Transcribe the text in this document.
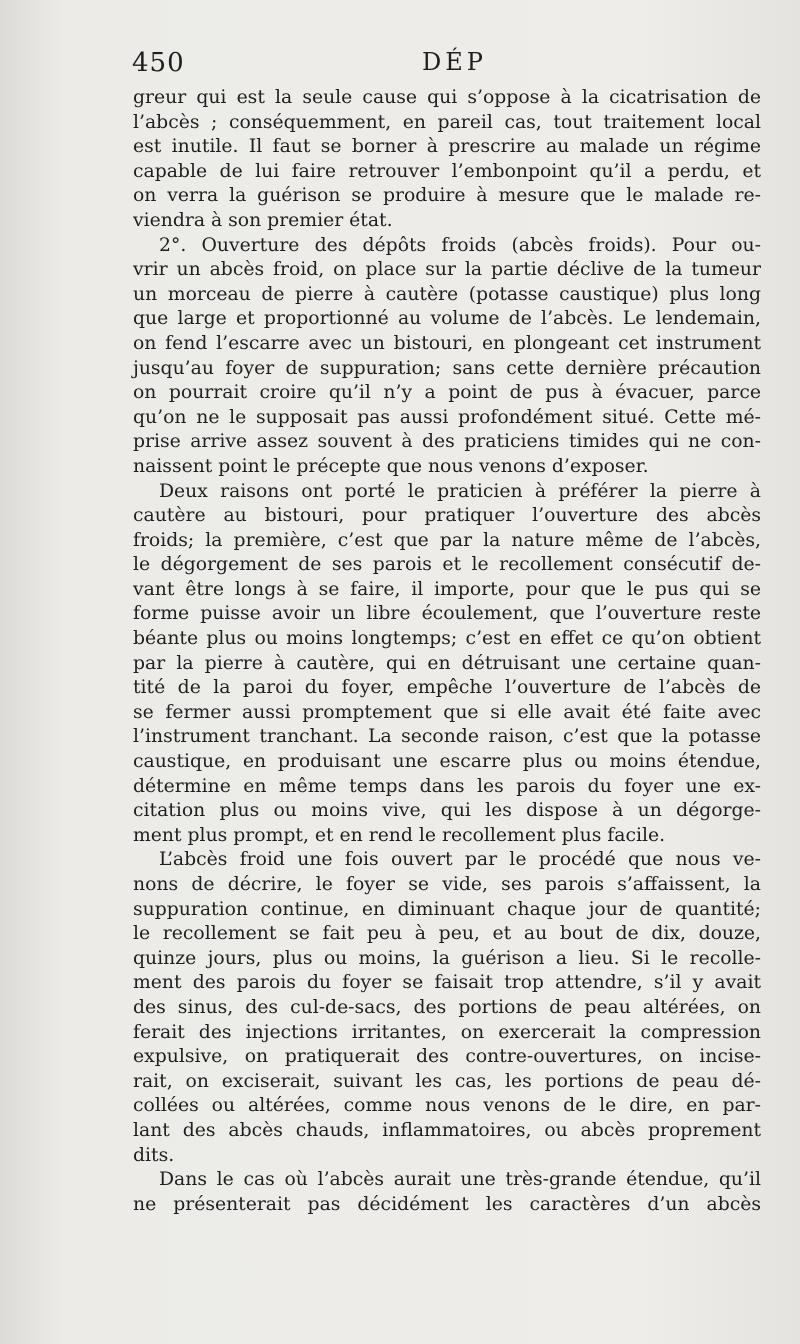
450	DÉP
greur qui est la seule cause qui s’oppose à la cicatrisation de
l’abcès ; conséquemment, en pareil cas, tout traitement local
est inutile. Il faut se borner à prescrire au malade un régime
capable de lui faire retrouver l’embonpoint qu’il a perdu, et
on verra la guérison se produire à mesure que le malade re-
viendra à son premier état.
2°. Ouverture des dépôts froids (abcès froids). Pour ou-
vrir un abcès froid, on place sur la partie déclive de la tumeur
un morceau de pierre à cautère (potasse caustique) plus long
que large et proportionné au volume de l’abcès. Le lendemain,
on fend l’escarre avec un bistouri, en plongeant cet instrument
jusqu’au foyer de suppuration; sans cette dernière précaution
on pourrait croire qu’il n’y a point de pus à évacuer, parce
qu’on ne le supposait pas aussi profondément situé. Cette mé-
prise arrive assez souvent à des praticiens timides qui ne con-
naissent point le précepte que nous venons d’exposer.
Deux raisons ont porté le praticien à préférer la pierre à
cautère au bistouri, pour pratiquer l’ouverture des abcès
froids; la première, c’est que par la nature même de l’abcès,
le dégorgement de ses parois et le recollement consécutif de-
vant être longs à se faire, il importe, pour que le pus qui se
forme puisse avoir un libre écoulement, que l’ouverture reste
béante plus ou moins longtemps; c’est en effet ce qu’on obtient
par la pierre à cautère, qui en détruisant une certaine quan-
tité de la paroi du foyer, empêche l’ouverture de l’abcès de
se fermer aussi promptement que si elle avait été faite avec
l’instrument tranchant. La seconde raison, c’est que la potasse
caustique, en produisant une escarre plus ou moins étendue,
détermine en même temps dans les parois du foyer une ex-
citation plus ou moins vive, qui les dispose à un dégorge-
ment plus prompt, et en rend le recollement plus facile.
L’abcès froid une fois ouvert par le procédé que nous ve-
nons de décrire, le foyer se vide, ses parois s’affaissent, la
suppuration continue, en diminuant chaque jour de quantité;
le recollement se fait peu à peu, et au bout de dix, douze,
quinze jours, plus ou moins, la guérison a lieu. Si le recolle-
ment des parois du foyer se faisait trop attendre, s’il y avait
des sinus, des cul-de-sacs, des portions de peau altérées, on
ferait des injections irritantes, on exercerait la compression
expulsive, on pratiquerait des contre-ouvertures, on incise-
rait, on exciserait, suivant les cas, les portions de peau dé-
collées ou altérées, comme nous venons de le dire, en par-
lant des abcès chauds, inflammatoires, ou abcès proprement
dits.
Dans le cas où l’abcès aurait une très-grande étendue, qu’il
ne présenterait pas décidément les caractères d’un abcès
